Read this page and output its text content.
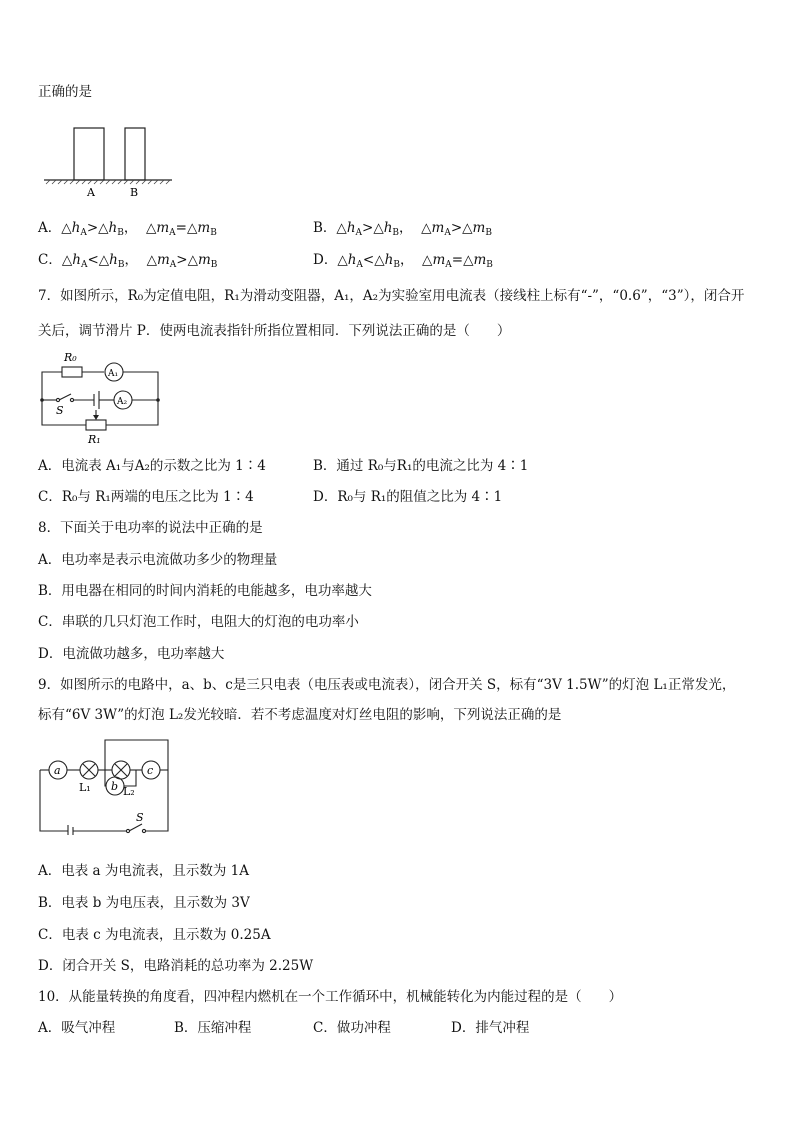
正确的是
A	B
A．$\triangle h_A>\triangle h_B$， $\triangle m_A=\triangle m_B$	B．$\triangle h_A>\triangle h_B$， $\triangle m_A>\triangle m_B$
C．$\triangle h_A<\triangle h_B$， $\triangle m_A>\triangle m_B$	D．$\triangle h_A<\triangle h_B$， $\triangle m_A=\triangle m_B$
7．如图所示，R₀为定值电阻，R₁为滑动变阻器，A₁，A₂为实验室用电流表（接线柱上标有“-”，“0.6”，“3”），闭合开
关后，调节滑片 P．使两电流表指针所指位置相同．下列说法正确的是（　　）
R₀
A₁
A₂
S
R₁
A．电流表 A₁与A₂的示数之比为 1∶4	B．通过 R₀与R₁的电流之比为 4∶1
C．R₀与 R₁两端的电压之比为 1∶4	D．R₀与 R₁的阻值之比为 4∶1
8．下面关于电功率的说法中正确的是
A．电功率是表示电流做功多少的物理量
B．用电器在相同的时间内消耗的电能越多，电功率越大
C．串联的几只灯泡工作时，电阻大的灯泡的电功率小
D．电流做功越多，电功率越大
9．如图所示的电路中，a、b、c是三只电表（电压表或电流表），闭合开关 S，标有“3V 1.5W”的灯泡 L₁正常发光，
标有“6V 3W”的灯泡 L₂发光较暗．若不考虑温度对灯丝电阻的影响，下列说法正确的是
a
b
c
L₁	L₂
S
A．电表 a 为电流表，且示数为 1A
B．电表 b 为电压表，且示数为 3V
C．电表 c 为电流表，且示数为 0.25A
D．闭合开关 S，电路消耗的总功率为 2.25W
10．从能量转换的角度看，四冲程内燃机在一个工作循环中，机械能转化为内能过程的是（　　）
A．吸气冲程	B．压缩冲程	C．做功冲程	D．排气冲程
